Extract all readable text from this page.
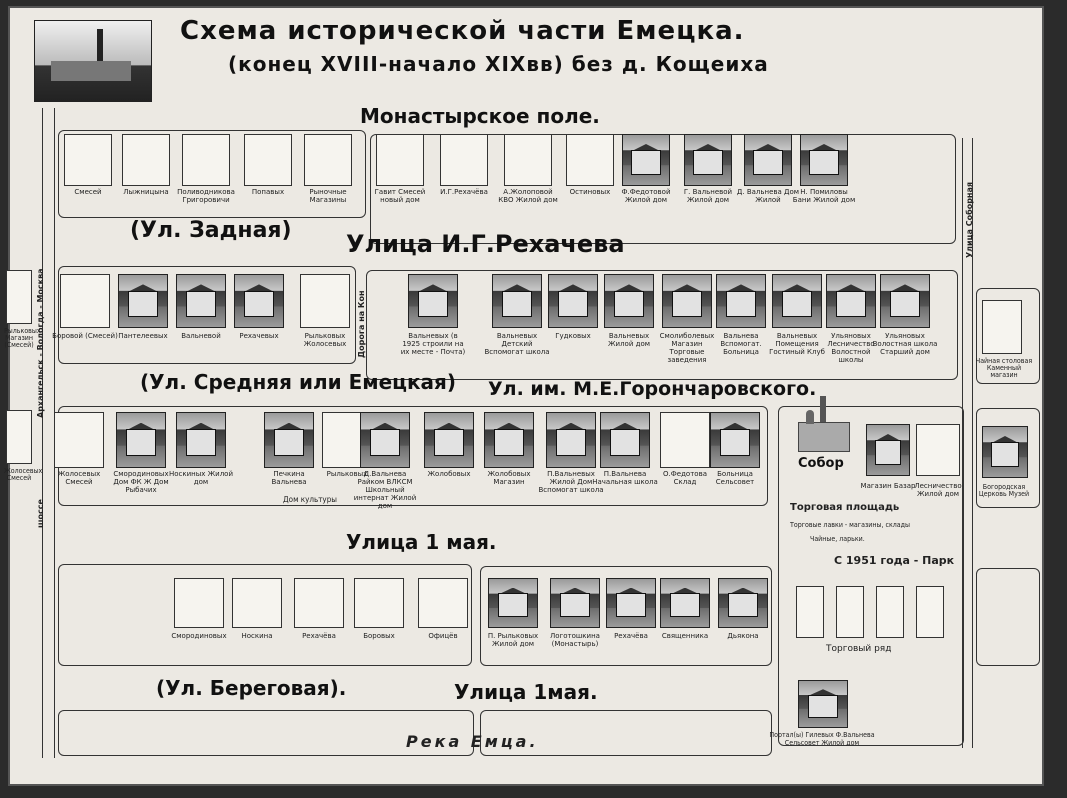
Схема исторической части Емецка.
(конец XVIII-начало XIXвв) без д. Кощеиха
Монастырское поле.
Архангельск - Вологда - Москва
шоссе
Улица Соборная
Дорога на Кон
Рыльковых Магазин (Смесей)
Жолосевых Смесей
Смесей	Лыжницына	Поливодникова Григоровичи
Попавых	Рыночные Магазины
Гавит Смесей новый дом
И.Г.Рехачёва	А.Жолоповой КВО Жилой дом
Остиновых	Ф.Федотовой Жилой дом
Г. Вальневой Жилой дом
Д. Вальнева Дом Жилой
Н. Помиловы Бани Жилой дом
(Ул. Задная) Улица И.Г.Рехачева
Боровой (Смесей) Пантелеевых	Вальневой	Рехачевых	Рыльковых Жолосевых
Вальневых (в 1925 строили на их месте - Почта)
Вальневых Детский Вспомогат школа
Гудковых	Вальневых Жилой дом
Смолиболевых Магазин Торговые заведения
Вальнева Вспомогат. Больница
Вальневых Помещения Гостиный Клуб
Ульяновых Лесничество Волостной школы
Ульяновых Волостная школа Старший дом
(Ул. Средняя или Емецкая) Ул. им. М.Е.Горончаровского.
Жолосевых Смесей
Смородиновых Дом ФК Ж Дом Рыбачих
Носкиных Жилой дом
Печкина Вальнева
Рыльковых
Д.Вальнева Райком ВЛКСМ Школьный интернат Жилой дом
Жолобовых	Жолобовых Магазин
П.Вальневых Жилой Дом Вспомогат школа
П.Вальнева Начальная школа
О.Федотова Склад
Больница Сельсовет
Дом культуры
Собор
Магазин Базар
Лесничество Жилой дом
Торговая площадь
Торговые лавки - магазины, склады
Чайные, ларьки.
С 1951 года - Парк
Торговый ряд
Портал(ы) Гилевых Ф.Вальнева
Сельсовет Жилой дом
Чайная столовая Каменный магазин
Богородская Церковь Музей
Улица 1 мая.
Смородиновых	Носкина	Рехачёва	Боровых	Офицёв	П. Рыльковых Жилой дом
Логотошкина (Монастырь)
Рехачёва	Священника	Дьякона
(Ул. Береговая).	Улица 1мая.
Река Емца.
